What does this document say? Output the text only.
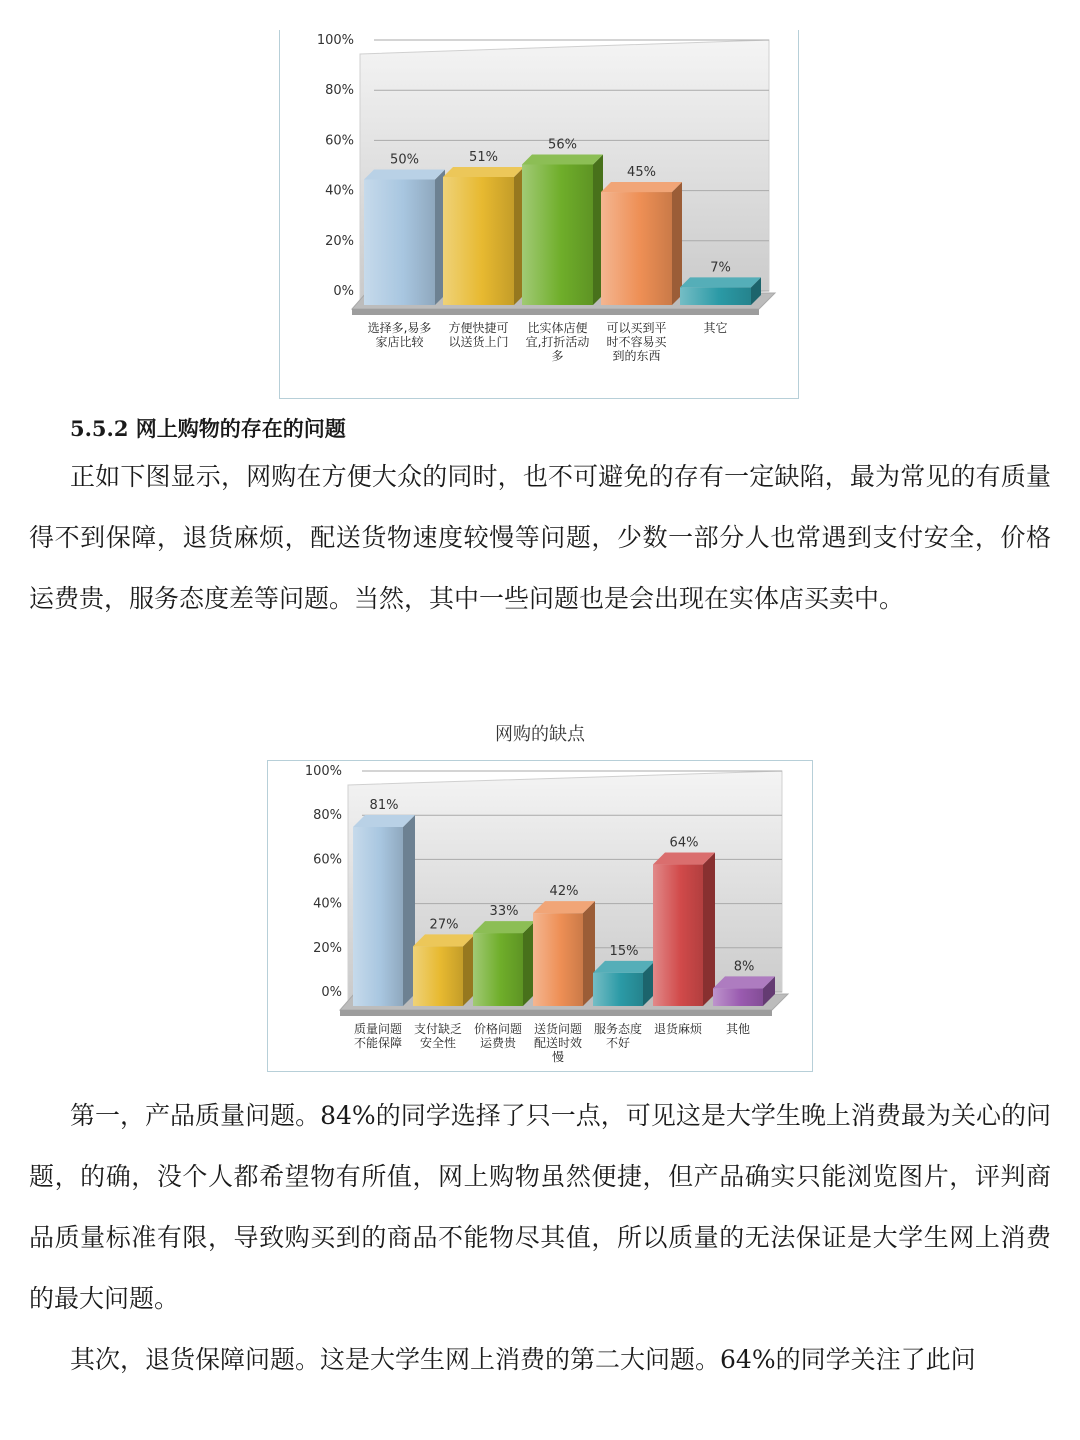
100%
80%
60%
40%
20%
0%
50%	51%
56%
45%
7%
选择多,易多家店比较
方便快捷可以送货上门
比实体店便宜,打折活动多
可以买到平时不容易买到的东西
其它
5.5.2 网上购物的存在的问题

正如下图显示，网购在方便大众的同时，也不可避免的存有一定缺陷，最为常见的有质量得不到保障，退货麻烦，配送货物速度较慢等问题，少数一部分人也常遇到支付安全，价格运费贵，服务态度差等问题。当然，其中一些问题也是会出现在实体店买卖中。

网购的缺点
100%
80%
60%
40%
20%
0%
81%
27%
33%
42%
15%
64%
8%
质量问题不能保障
支付缺乏安全性
价格问题运费贵
送货问题配送时效慢
服务态度不好
退货麻烦	其他

第一，产品质量问题。84%的同学选择了只一点，可见这是大学生晚上消费最为关心的问题，的确，没个人都希望物有所值，网上购物虽然便捷，但产品确实只能浏览图片，评判商品质量标准有限，导致购买到的商品不能物尽其值，所以质量的无法保证是大学生网上消费的最大问题。

其次，退货保障问题。这是大学生网上消费的第二大问题。64%的同学关注了此问
